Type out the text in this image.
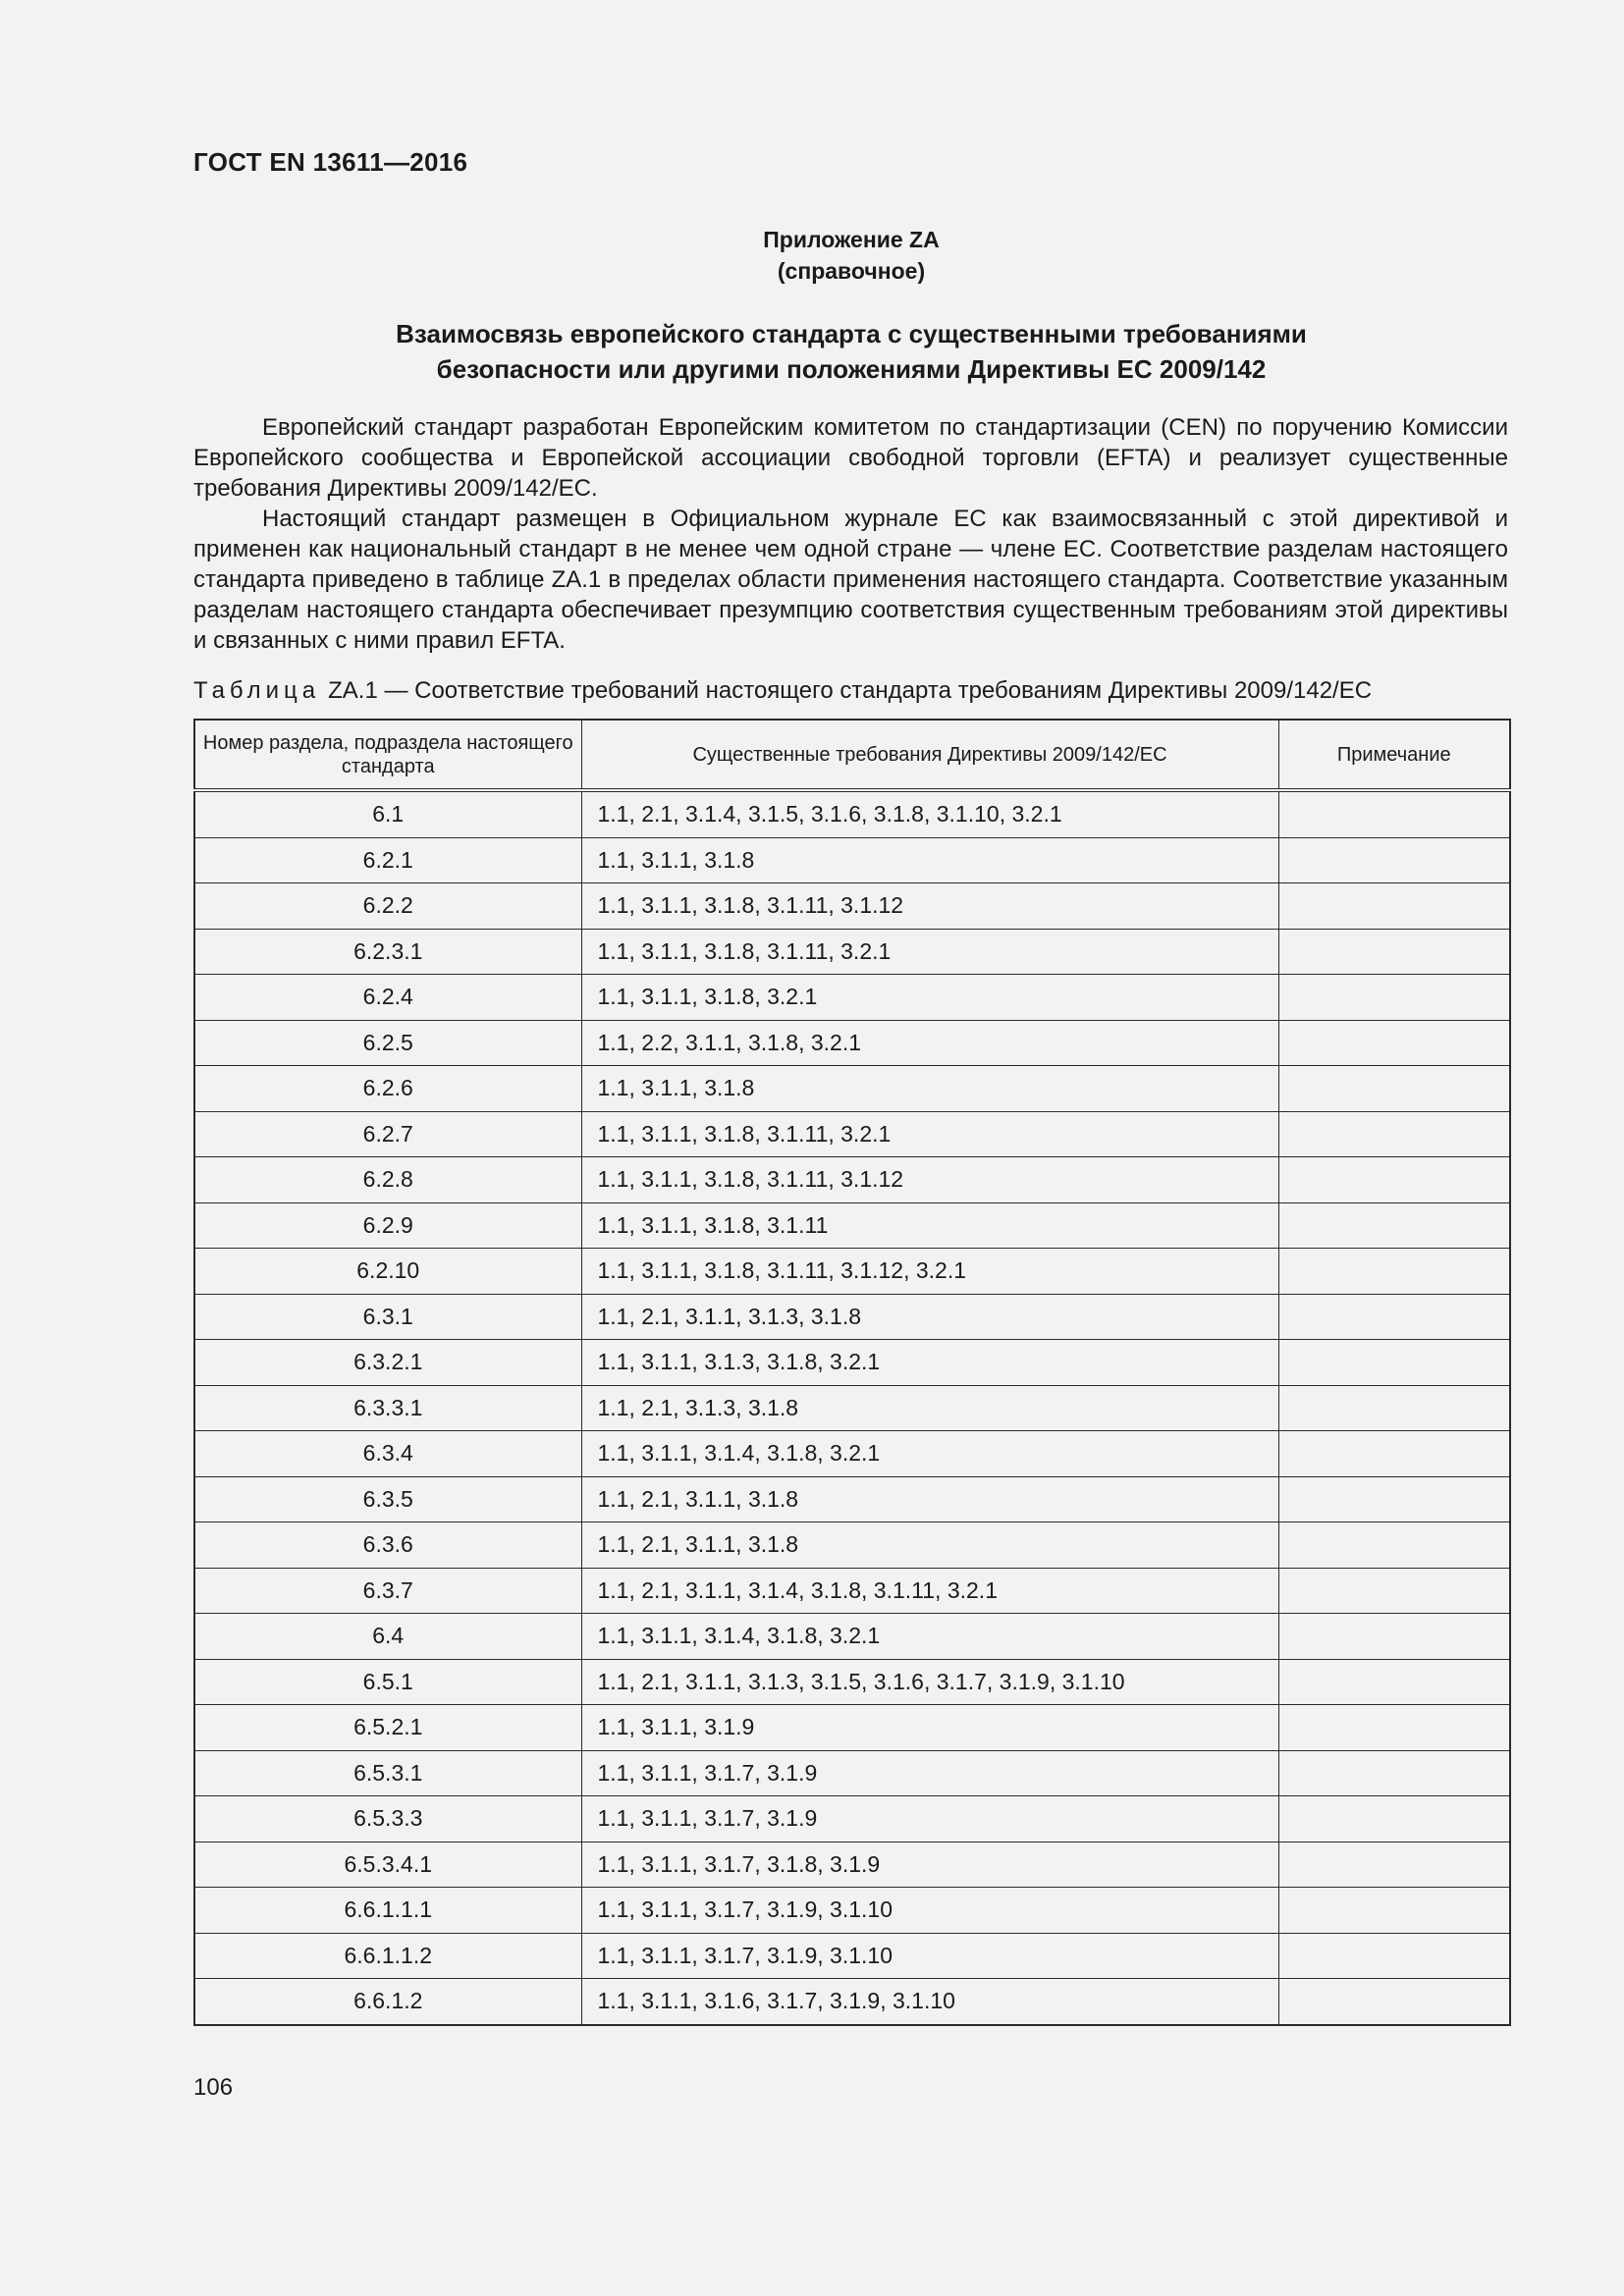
ГОСТ EN 13611—2016
Приложение ZA
(справочное)
Взаимосвязь европейского стандарта с существенными требованиями
безопасности или другими положениями Директивы ЕС 2009/142

Европейский стандарт разработан Европейским комитетом по стандартизации (CEN) по поручению Комиссии Европейского сообщества и Европейской ассоциации свободной торговли (EFTA) и реализует существенные требования Директивы 2009/142/ЕС.

Настоящий стандарт размещен в Официальном журнале ЕС как взаимосвязанный с этой директивой и применен как национальный стандарт в не менее чем одной стране — члене ЕС. Соответствие разделам настоящего стандарта приведено в таблице ZA.1 в пределах области применения настоящего стандарта. Соответствие указанным разделам настоящего стандарта обеспечивает презумпцию соответствия существенным требованиям этой директивы и связанных с ними правил EFTA.

Таблица ZA.1 — Соответствие требований настоящего стандарта требованиям Директивы 2009/142/ЕС
Номер раздела, подраздела настоящего стандарта	Существенные требования Директивы 2009/142/ЕС	Примечание
6.1	1.1, 2.1, 3.1.4, 3.1.5, 3.1.6, 3.1.8, 3.1.10, 3.2.1	
6.2.1	1.1, 3.1.1, 3.1.8	
6.2.2	1.1, 3.1.1, 3.1.8, 3.1.11, 3.1.12	
6.2.3.1	1.1, 3.1.1, 3.1.8, 3.1.11, 3.2.1	
6.2.4	1.1, 3.1.1, 3.1.8, 3.2.1	
6.2.5	1.1, 2.2, 3.1.1, 3.1.8, 3.2.1	
6.2.6	1.1, 3.1.1, 3.1.8	
6.2.7	1.1, 3.1.1, 3.1.8, 3.1.11, 3.2.1	
6.2.8	1.1, 3.1.1, 3.1.8, 3.1.11, 3.1.12	
6.2.9	1.1, 3.1.1, 3.1.8, 3.1.11	
6.2.10	1.1, 3.1.1, 3.1.8, 3.1.11, 3.1.12, 3.2.1	
6.3.1	1.1, 2.1, 3.1.1, 3.1.3, 3.1.8	
6.3.2.1	1.1, 3.1.1, 3.1.3, 3.1.8, 3.2.1	
6.3.3.1	1.1, 2.1, 3.1.3, 3.1.8	
6.3.4	1.1, 3.1.1, 3.1.4, 3.1.8, 3.2.1	
6.3.5	1.1, 2.1, 3.1.1, 3.1.8	
6.3.6	1.1, 2.1, 3.1.1, 3.1.8	
6.3.7	1.1, 2.1, 3.1.1, 3.1.4, 3.1.8, 3.1.11, 3.2.1	
6.4	1.1, 3.1.1, 3.1.4, 3.1.8, 3.2.1	
6.5.1	1.1, 2.1, 3.1.1, 3.1.3, 3.1.5, 3.1.6, 3.1.7, 3.1.9, 3.1.10	
6.5.2.1	1.1, 3.1.1, 3.1.9	
6.5.3.1	1.1, 3.1.1, 3.1.7, 3.1.9	
6.5.3.3	1.1, 3.1.1, 3.1.7, 3.1.9	
6.5.3.4.1	1.1, 3.1.1, 3.1.7, 3.1.8, 3.1.9	
6.6.1.1.1	1.1, 3.1.1, 3.1.7, 3.1.9, 3.1.10	
6.6.1.1.2	1.1, 3.1.1, 3.1.7, 3.1.9, 3.1.10	
6.6.1.2	1.1, 3.1.1, 3.1.6, 3.1.7, 3.1.9, 3.1.10	
106
